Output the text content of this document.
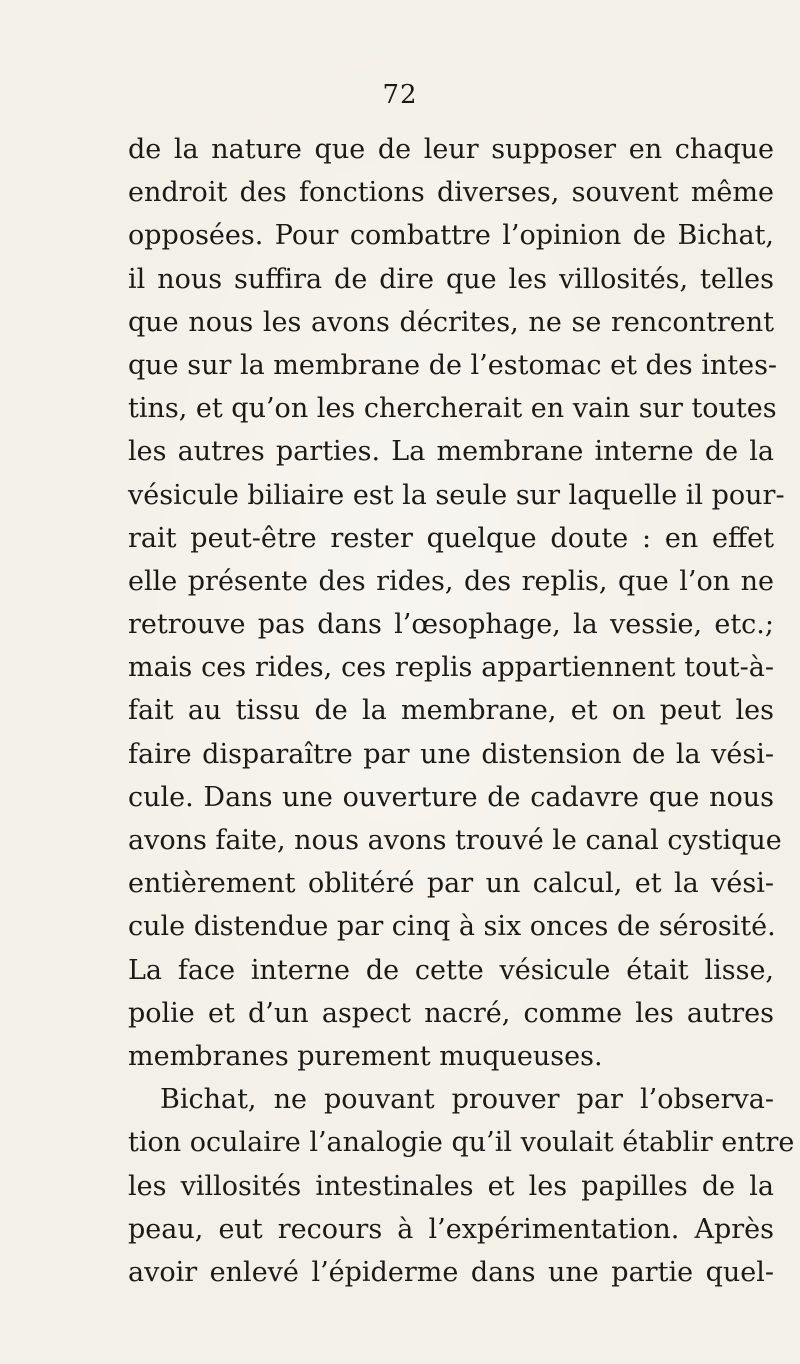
72
de la nature que de leur supposer en chaque
endroit des fonctions diverses, souvent même
opposées. Pour combattre l’opinion de Bichat,
il nous suffira de dire que les villosités, telles
que nous les avons décrites, ne se rencontrent
que sur la membrane de l’estomac et des intes-
tins, et qu’on les chercherait en vain sur toutes
les autres parties. La membrane interne de la
vésicule biliaire est la seule sur laquelle il pour-
rait peut-être rester quelque doute : en effet
elle présente des rides, des replis, que l’on ne
retrouve pas dans l’œsophage, la vessie, etc.;
mais ces rides, ces replis appartiennent tout-à-
fait au tissu de la membrane, et on peut les
faire disparaître par une distension de la vési-
cule. Dans une ouverture de cadavre que nous
avons faite, nous avons trouvé le canal cystique
entièrement oblitéré par un calcul, et la vési-
cule distendue par cinq à six onces de sérosité.
La face interne de cette vésicule était lisse,
polie et d’un aspect nacré, comme les autres
membranes purement muqueuses.
Bichat, ne pouvant prouver par l’observa-
tion oculaire l’analogie qu’il voulait établir entre
les villosités intestinales et les papilles de la
peau, eut recours à l’expérimentation. Après
avoir enlevé l’épiderme dans une partie quel-
